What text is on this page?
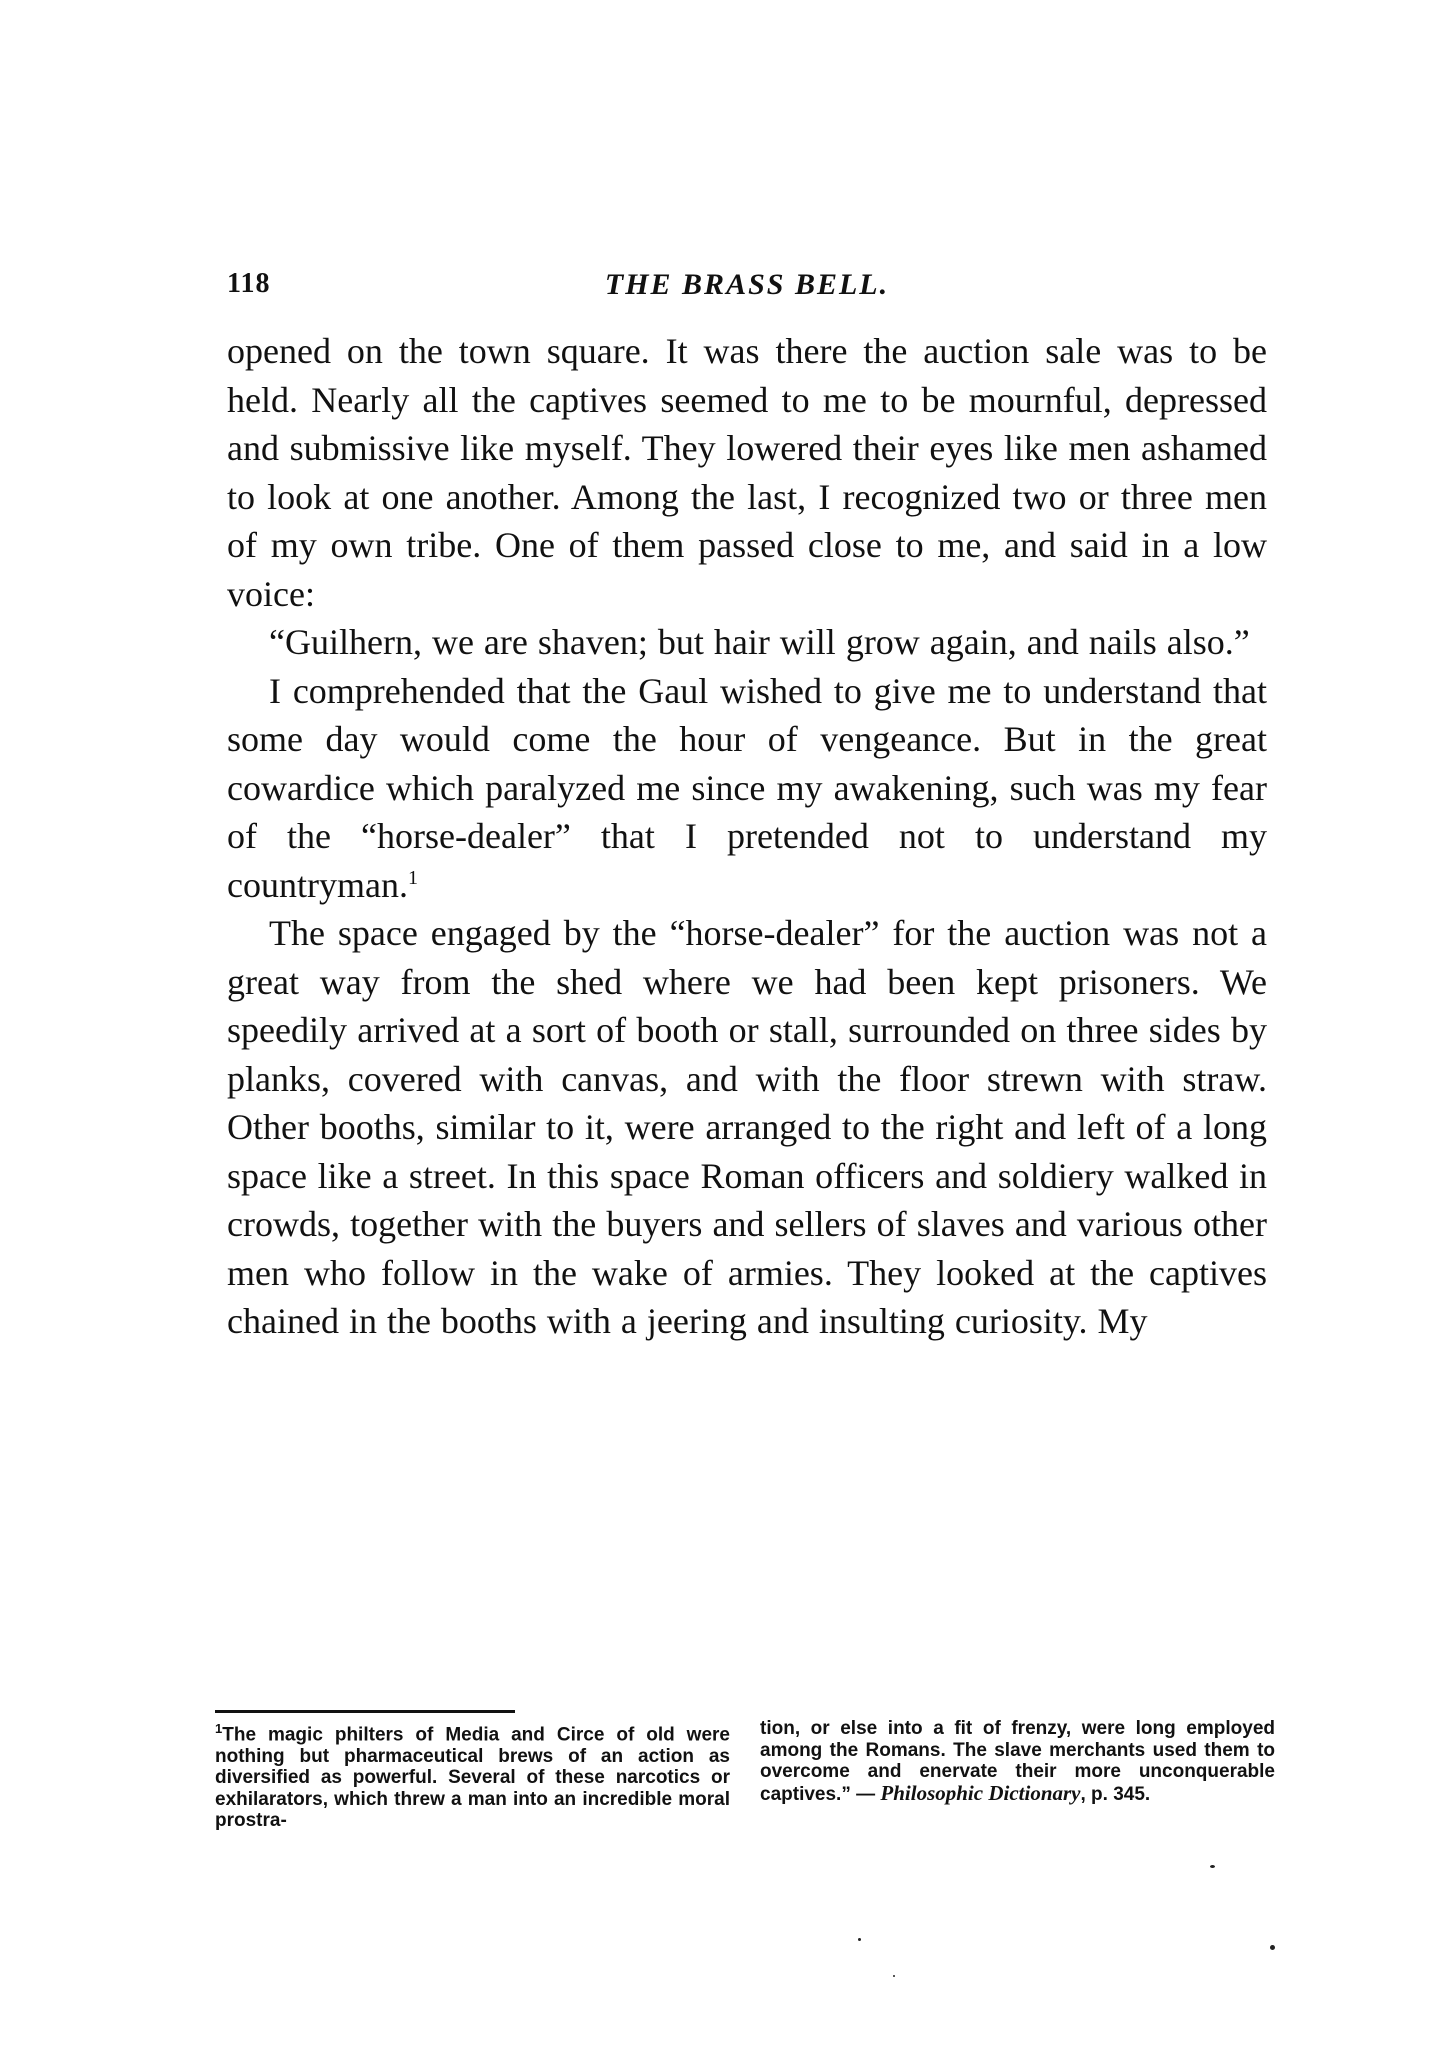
118	THE BRASS BELL.

opened on the town square. It was there the auction sale was to be held. Nearly all the captives seemed to me to be mournful, depressed and submissive like myself. They lowered their eyes like men ashamed to look at one another. Among the last, I recognized two or three men of my own tribe. One of them passed close to me, and said in a low voice:

“Guilhern, we are shaven; but hair will grow again, and nails also.”

I comprehended that the Gaul wished to give me to understand that some day would come the hour of vengeance. But in the great cowardice which paralyzed me since my awakening, such was my fear of the “horse-dealer” that I pretended not to understand my countryman.$^1$

The space engaged by the “horse-dealer” for the auction was not a great way from the shed where we had been kept prisoners. We speedily arrived at a sort of booth or stall, surrounded on three sides by planks, covered with canvas, and with the floor strewn with straw. Other booths, similar to it, were arranged to the right and left of a long space like a street. In this space Roman officers and soldiery walked in crowds, together with the buyers and sellers of slaves and various other men who follow in the wake of armies. They looked at the captives chained in the booths with a jeering and insulting curiosity. My

$^1$The magic philters of Media and Circe of old were nothing but pharmaceutical brews of an action as diversified as powerful. Several of these narcotics or exhilarators, which threw a man into an incredible moral prostra-
tion, or else into a fit of frenzy, were long employed among the Romans. The slave merchants used them to overcome and enervate their more unconquerable captives.” — Philosophic Dictionary, p. 345.
